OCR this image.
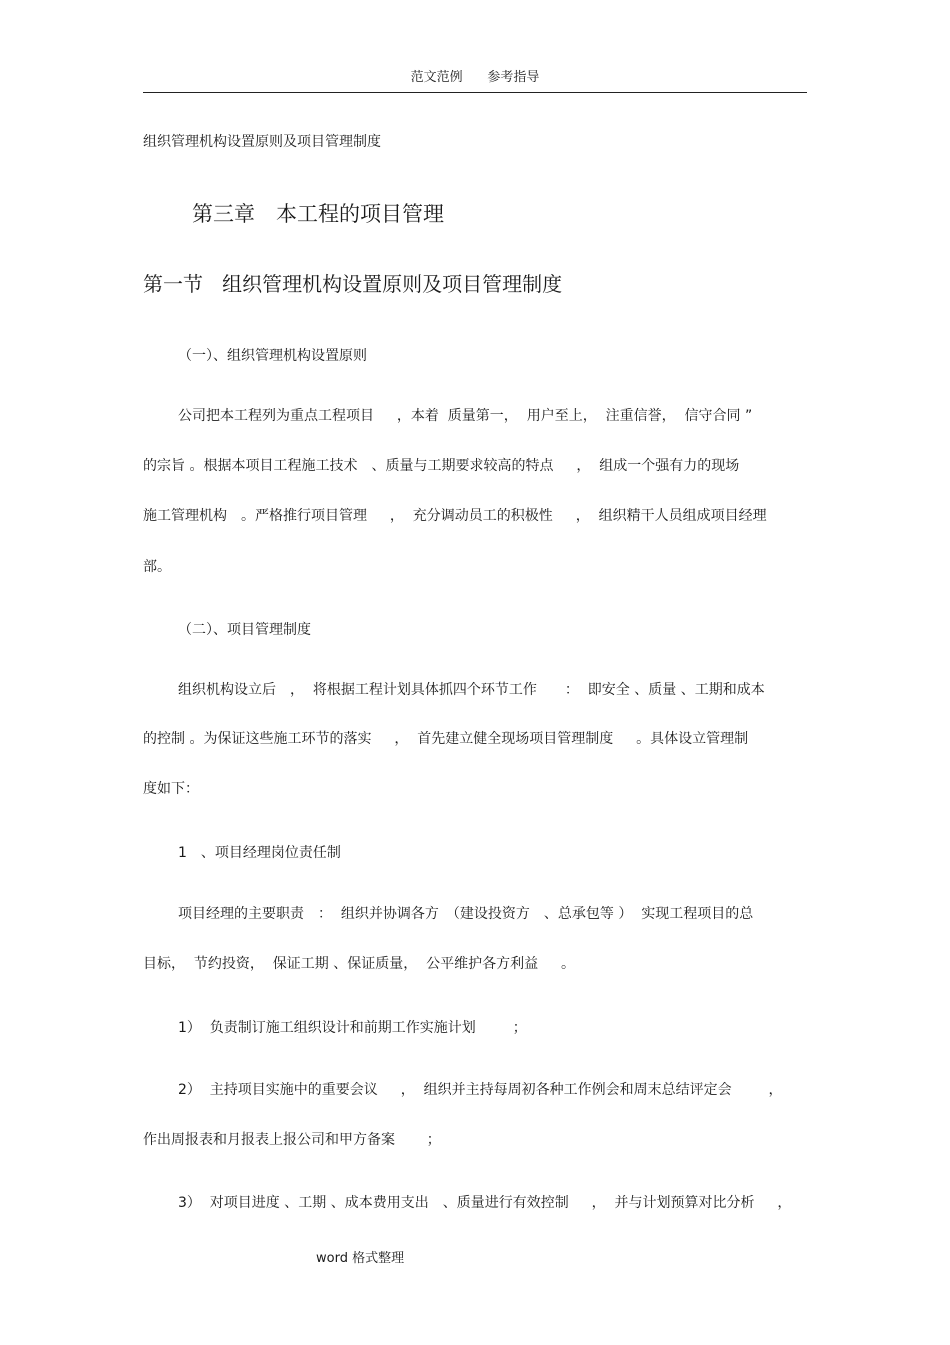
范文范例 参考指导
组织管理机构设置原则及项目管理制度
第三章　本工程的项目管理
第一节   组织管理机构设置原则及项目管理制度
（一）、组织管理机构设置原则
公司把本工程列为重点工程项目　  ，本着  质量第一，  用户至上，  注重信誉，  信守合同 ”
的宗旨 。根据本项目工程施工技术　、质量与工期要求较高的特点　  ，  组成一个强有力的现场
施工管理机构　。严格推行项目管理　  ，  充分调动员工的积极性　  ，  组织精干人员组成项目经理
部。
（二）、项目管理制度
组织机构设立后　，  将根据工程计划具体抓四个环节工作　　：  即安全 、质量 、工期和成本
的控制 。为保证这些施工环节的落实　  ，  首先建立健全现场项目管理制度　  。具体设立管理制
度如下：
1　、项目经理岗位责任制
项目经理的主要职责　：  组织并协调各方　（建设投资方　、总承包等 ）  实现工程项目的总
目标，  节约投资，  保证工期 、保证质量，  公平维护各方利益　  。
1）  负责制订施工组织设计和前期工作实施计划　　  ；
2）  主持项目实施中的重要会议　  ，  组织并主持每周初各种工作例会和周末总结评定会　　  ，
作出周报表和月报表上报公司和甲方备案　    ；
3）  对项目进度 、工期 、成本费用支出　、质量进行有效控制　  ，  并与计划预算对比分析　  ，
word 格式整理
